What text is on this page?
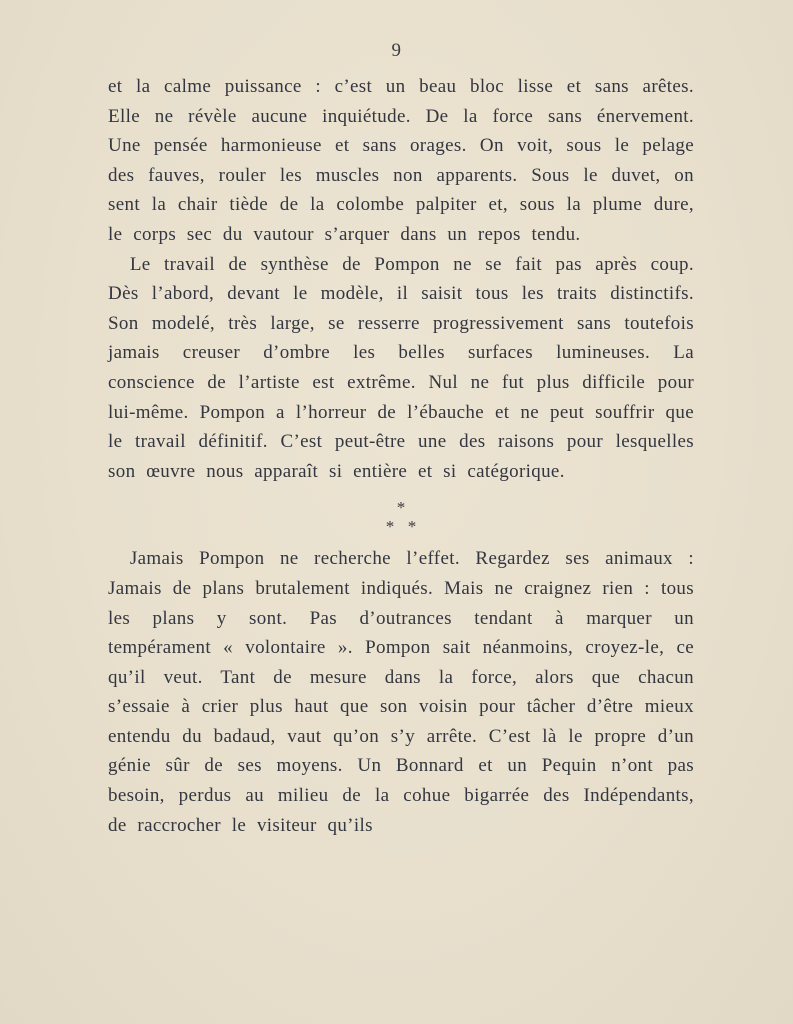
9

et la calme puissance : c’est un beau bloc lisse et sans arêtes. Elle ne révèle aucune inquiétude. De la force sans énervement. Une pensée harmonieuse et sans orages. On voit, sous le pelage des fauves, rouler les muscles non apparents. Sous le duvet, on sent la chair tiède de la colombe palpiter et, sous la plume dure, le corps sec du vautour s’arquer dans un repos tendu.

Le travail de synthèse de Pompon ne se fait pas après coup. Dès l’abord, devant le modèle, il saisit tous les traits distinctifs. Son modelé, très large, se resserre progressivement sans toutefois jamais creuser d’ombre les belles surfaces lumineuses. La conscience de l’artiste est extrême. Nul ne fut plus difficile pour lui-même. Pompon a l’horreur de l’ébauche et ne peut souffrir que le travail définitif. C’est peut-être une des raisons pour lesquelles son œuvre nous apparaît si entière et si catégorique.

*
* *

Jamais Pompon ne recherche l’effet. Regardez ses animaux : Jamais de plans brutalement indiqués. Mais ne craignez rien : tous les plans y sont. Pas d’outrances tendant à marquer un tempérament « volontaire ». Pompon sait néanmoins, croyez-le, ce qu’il veut. Tant de mesure dans la force, alors que chacun s’essaie à crier plus haut que son voisin pour tâcher d’être mieux entendu du badaud, vaut qu’on s’y arrête. C’est là le propre d’un génie sûr de ses moyens. Un Bonnard et un Pequin n’ont pas besoin, perdus au milieu de la cohue bigarrée des Indépendants, de raccrocher le visiteur qu’ils
